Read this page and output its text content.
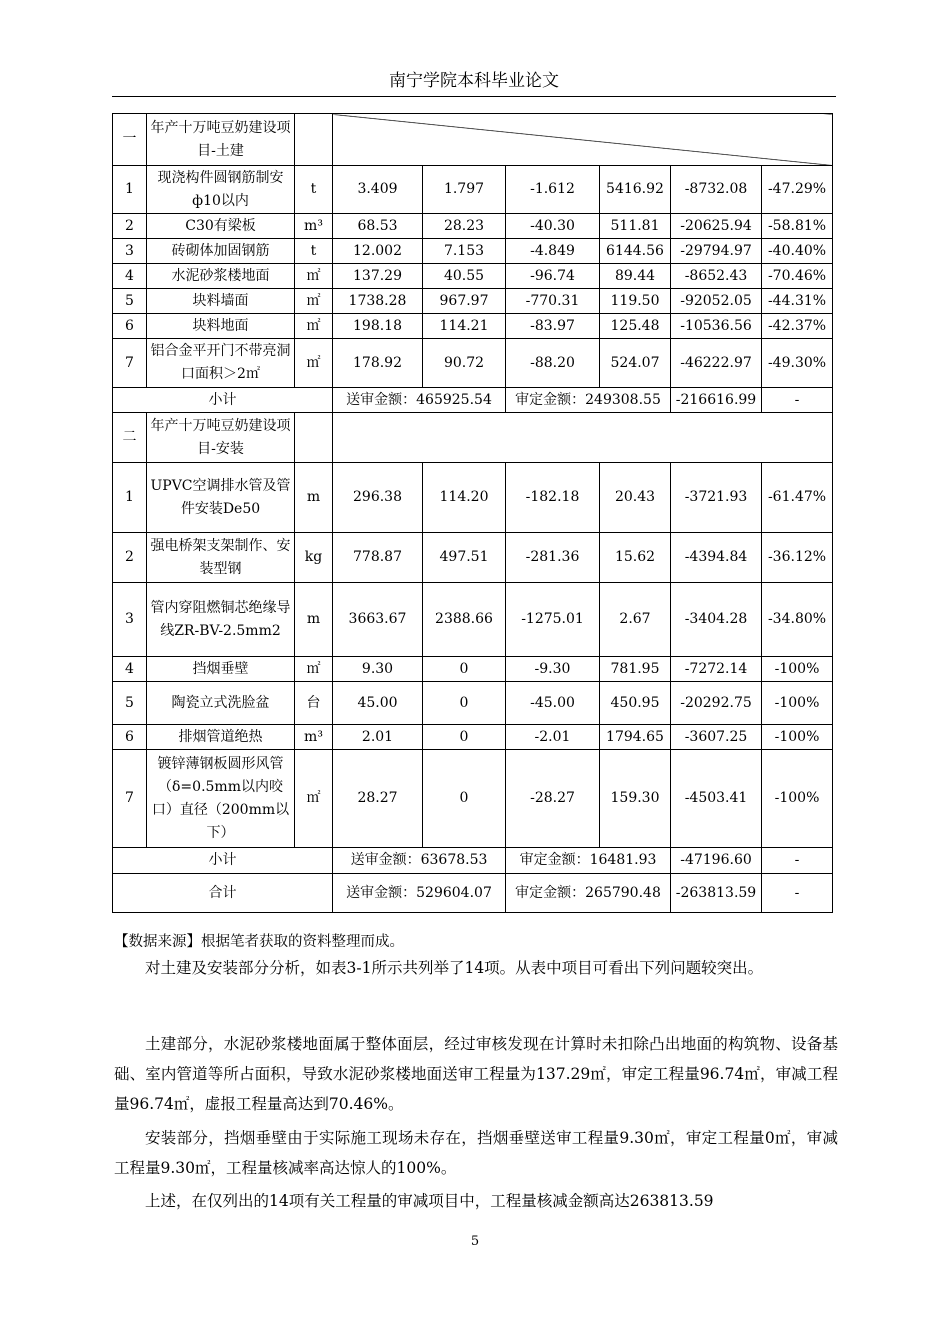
南宁学院本科毕业论文
一	年产十万吨豆奶建设项目-土建							
1	现浇构件圆钢筋制安ф10以内	t	3.409	1.797	-1.612	5416.92	-8732.08	-47.29%
2	C30有梁板	m³	68.53	28.23	-40.30	511.81	-20625.94	-58.81%
3	砖砌体加固钢筋	t	12.002	7.153	-4.849	6144.56	-29794.97	-40.40%
4	水泥砂浆楼地面	㎡	137.29	40.55	-96.74	89.44	-8652.43	-70.46%
5	块料墙面	㎡	1738.28	967.97	-770.31	119.50	-92052.05	-44.31%
6	块料地面	㎡	198.18	114.21	-83.97	125.48	-10536.56	-42.37%
7	铝合金平开门不带亮洞口面积＞2㎡	㎡	178.92	90.72	-88.20	524.07	-46222.97	-49.30%
小计			送审金额：465925.54		审定金额：249308.55		-216616.99	-
二	年产十万吨豆奶建设项目-安装							
1	UPVC空调排水管及管件安装De50	m	296.38	114.20	-182.18	20.43	-3721.93	-61.47%
2	强电桥架支架制作、安装型钢	kg	778.87	497.51	-281.36	15.62	-4394.84	-36.12%
3	管内穿阻燃铜芯绝缘导线ZR-BV-2.5mm2	m	3663.67	2388.66	-1275.01	2.67	-3404.28	-34.80%
4	挡烟垂壁	㎡	9.30	0	-9.30	781.95	-7272.14	-100%
5	陶瓷立式洗脸盆	台	45.00	0	-45.00	450.95	-20292.75	-100%
6	排烟管道绝热	m³	2.01	0	-2.01	1794.65	-3607.25	-100%
7	镀锌薄钢板圆形风管（δ=0.5mm以内咬口）直径（200mm以下）	㎡	28.27	0	-28.27	159.30	-4503.41	-100%
小计			送审金额：63678.53		审定金额：16481.93		-47196.60	-
合计			送审金额：529604.07		审定金额：265790.48		-263813.59	-
【数据来源】根据笔者获取的资料整理而成。

对土建及安装部分分析，如表3-1所示共列举了14项。从表中项目可看出下列问题较突出。

土建部分，水泥砂浆楼地面属于整体面层，经过审核发现在计算时未扣除凸出地面的构筑物、设备基础、室内管道等所占面积，导致水泥砂浆楼地面送审工程量为137.29㎡，审定工程量96.74㎡，审减工程量96.74㎡，虚报工程量高达到70.46%。

安装部分，挡烟垂壁由于实际施工现场未存在，挡烟垂壁送审工程量9.30㎡，审定工程量0㎡，审减工程量9.30㎡，工程量核减率高达惊人的100%。

上述，在仅列出的14项有关工程量的审减项目中，工程量核减金额高达263813.59

5
